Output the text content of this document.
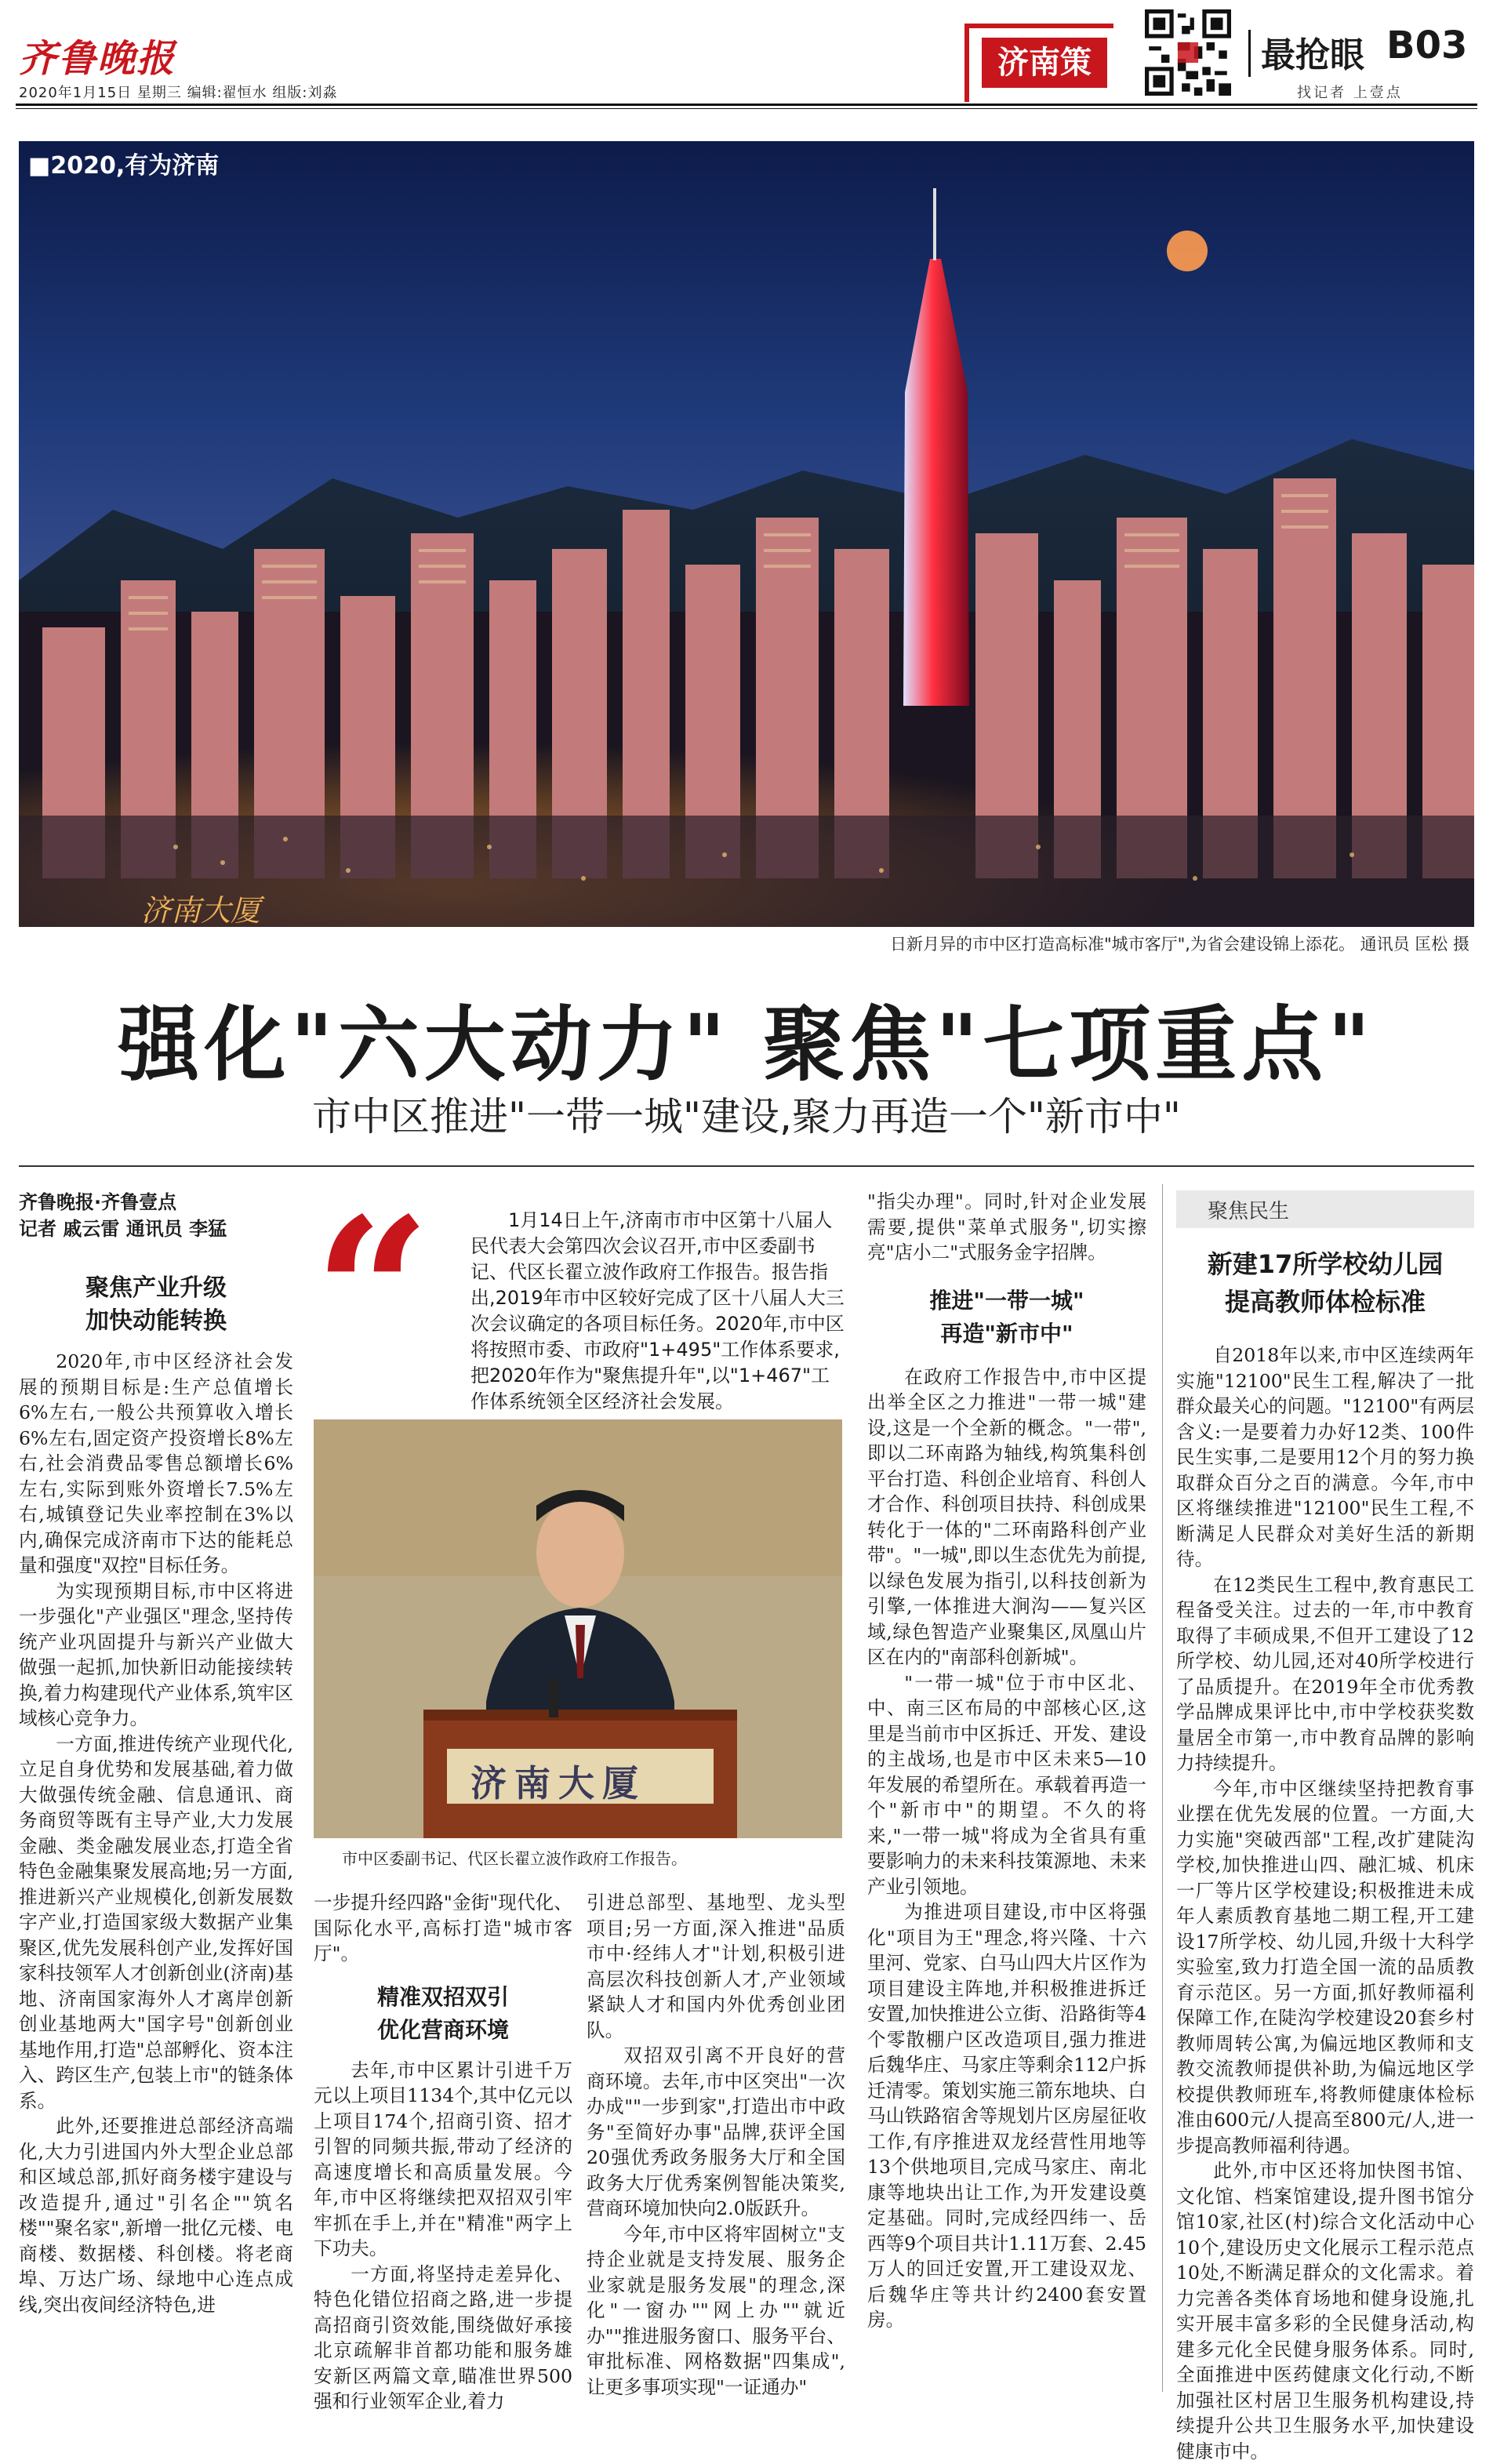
齐鲁晚报
2020年1月15日 星期三 编辑:翟恒水 组版:刘淼
济南策	最抢眼 B03
找记者 上壹点
■2020,有为济南
济南大厦
日新月异的市中区打造高标准"城市客厅",为省会建设锦上添花。 通讯员 匡松 摄
强化"六大动力" 聚焦"七项重点"
市中区推进"一带一城"建设,聚力再造一个"新市中"
齐鲁晚报·齐鲁壹点
记者 戚云雷 通讯员 李猛
聚焦产业升级
加快动能转换

2020年,市中区经济社会发展的预期目标是:生产总值增长6%左右,一般公共预算收入增长6%左右,固定资产投资增长8%左右,社会消费品零售总额增长6%左右,实际到账外资增长7.5%左右,城镇登记失业率控制在3%以内,确保完成济南市下达的能耗总量和强度"双控"目标任务。

为实现预期目标,市中区将进一步强化"产业强区"理念,坚持传统产业巩固提升与新兴产业做大做强一起抓,加快新旧动能接续转换,着力构建现代产业体系,筑牢区域核心竞争力。

一方面,推进传统产业现代化,立足自身优势和发展基础,着力做大做强传统金融、信息通讯、商务商贸等既有主导产业,大力发展金融、类金融发展业态,打造全省特色金融集聚发展高地;另一方面,推进新兴产业规模化,创新发展数字产业,打造国家级大数据产业集聚区,优先发展科创产业,发挥好国家科技领军人才创新创业(济南)基地、济南国家海外人才离岸创新创业基地两大"国字号"创新创业基地作用,打造"总部孵化、资本注入、跨区生产,包装上市"的链条体系。

此外,还要推进总部经济高端化,大力引进国内外大型企业总部和区域总部,抓好商务楼宇建设与改造提升,通过"引名企""筑名楼""聚名家",新增一批亿元楼、电商楼、数据楼、科创楼。将老商埠、万达广场、绿地中心连点成线,突出夜间经济特色,进

“	1月14日上午,济南市市中区第十八届人民代表大会第四次会议召开,市中区委副书记、代区长翟立波作政府工作报告。报告指出,2019年市中区较好完成了区十八届人大三次会议确定的各项目标任务。2020年,市中区将按照市委、市政府"1+495"工作体系要求,把2020年作为"聚焦提升年",以"1+467"工作体系统领全区经济社会发展。
济南大厦
市中区委副书记、代区长翟立波作政府工作报告。

一步提升经四路"金街"现代化、国际化水平,高标打造"城市客厅"。

精准双招双引
优化营商环境

去年,市中区累计引进千万元以上项目1134个,其中亿元以上项目174个,招商引资、招才引智的同频共振,带动了经济的高速度增长和高质量发展。今年,市中区将继续把双招双引牢牢抓在手上,并在"精准"两字上下功夫。

一方面,将坚持走差异化、特色化错位招商之路,进一步提高招商引资效能,围绕做好承接北京疏解非首都功能和服务雄安新区两篇文章,瞄准世界500强和行业领军企业,着力

引进总部型、基地型、龙头型项目;另一方面,深入推进"品质市中·经纬人才"计划,积极引进高层次科技创新人才,产业领域紧缺人才和国内外优秀创业团队。

双招双引离不开良好的营商环境。去年,市中区突出"一次办成""一步到家",打造出市中政务"至简好办事"品牌,获评全国20强优秀政务服务大厅和全国政务大厅优秀案例智能决策奖,营商环境加快向2.0版跃升。

今年,市中区将牢固树立"支持企业就是支持发展、服务企业家就是服务发展"的理念,深化"一窗办""网上办""就近办""推进服务窗口、服务平台、审批标准、网格数据"四集成",让更多事项实现"一证通办"

"指尖办理"。同时,针对企业发展需要,提供"菜单式服务",切实擦亮"店小二"式服务金字招牌。

推进"一带一城"
再造"新市中"

在政府工作报告中,市中区提出举全区之力推进"一带一城"建设,这是一个全新的概念。"一带",即以二环南路为轴线,构筑集科创平台打造、科创企业培育、科创人才合作、科创项目扶持、科创成果转化于一体的"二环南路科创产业带"。"一城",即以生态优先为前提,以绿色发展为指引,以科技创新为引擎,一体推进大涧沟——复兴区域,绿色智造产业聚集区,凤凰山片区在内的"南部科创新城"。

"一带一城"位于市中区北、中、南三区布局的中部核心区,这里是当前市中区拆迁、开发、建设的主战场,也是市中区未来5—10年发展的希望所在。承载着再造一个"新市中"的期望。不久的将来,"一带一城"将成为全省具有重要影响力的未来科技策源地、未来产业引领地。

为推进项目建设,市中区将强化"项目为王"理念,将兴隆、十六里河、党家、白马山四大片区作为项目建设主阵地,并积极推进拆迁安置,加快推进公立街、沿路街等4个零散棚户区改造项目,强力推进后魏华庄、马家庄等剩余112户拆迁清零。策划实施三箭东地块、白马山铁路宿舍等规划片区房屋征收工作,有序推进双龙经营性用地等13个供地项目,完成马家庄、南北康等地块出让工作,为开发建设奠定基础。同时,完成经四纬一、岳西等9个项目共计1.11万套、2.45万人的回迁安置,开工建设双龙、后魏华庄等共计约2400套安置房。

聚焦民生
新建17所学校幼儿园
提高教师体检标准

自2018年以来,市中区连续两年实施"12100"民生工程,解决了一批群众最关心的问题。"12100"有两层含义:一是要着力办好12类、100件民生实事,二是要用12个月的努力换取群众百分之百的满意。今年,市中区将继续推进"12100"民生工程,不断满足人民群众对美好生活的新期待。

在12类民生工程中,教育惠民工程备受关注。过去的一年,市中教育取得了丰硕成果,不但开工建设了12所学校、幼儿园,还对40所学校进行了品质提升。在2019年全市优秀教学品牌成果评比中,市中学校获奖数量居全市第一,市中教育品牌的影响力持续提升。

今年,市中区继续坚持把教育事业摆在优先发展的位置。一方面,大力实施"突破西部"工程,改扩建陡沟学校,加快推进山四、融汇城、机床一厂等片区学校建设;积极推进未成年人素质教育基地二期工程,开工建设17所学校、幼儿园,升级十大科学实验室,致力打造全国一流的品质教育示范区。另一方面,抓好教师福利保障工作,在陡沟学校建设20套乡村教师周转公寓,为偏远地区教师和支教交流教师提供补助,为偏远地区学校提供教师班车,将教师健康体检标准由600元/人提高至800元/人,进一步提高教师福利待遇。

此外,市中区还将加快图书馆、文化馆、档案馆建设,提升图书馆分馆10家,社区(村)综合文化活动中心10个,建设历史文化展示工程示范点10处,不断满足群众的文化需求。着力完善各类体育场地和健身设施,扎实开展丰富多彩的全民健身活动,构建多元化全民健身服务体系。同时,全面推进中医药健康文化行动,不断加强社区村居卫生服务机构建设,持续提升公共卫生服务水平,加快建设健康市中。
